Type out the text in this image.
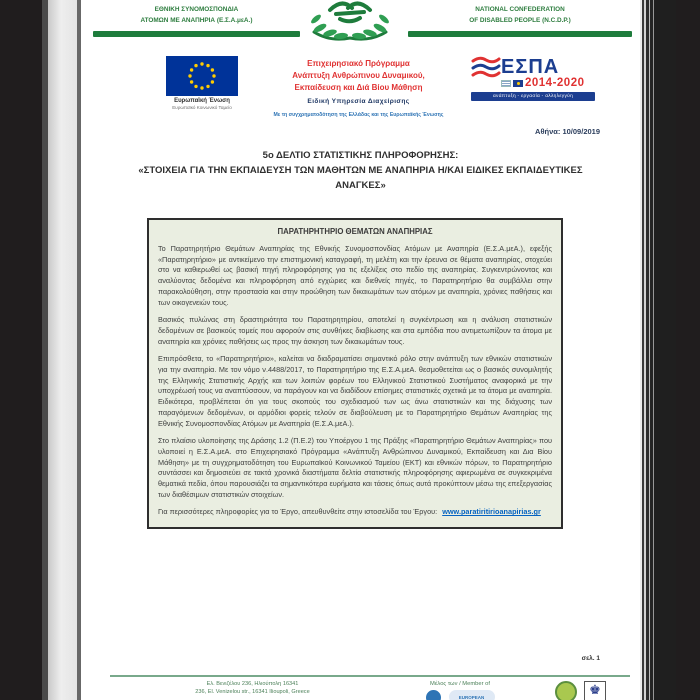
ΕΘΝΙΚΗ ΣΥΝΟΜΟΣΠΟΝΔΙΑ
ΑΤΟΜΩΝ ΜΕ ΑΝΑΠΗΡΙΑ (Ε.Σ.Α.μεΑ.)
NATIONAL CONFEDERATION
OF DISABLED PEOPLE (N.C.D.P.)
Ευρωπαϊκή Ένωση
Ευρωπαϊκό Κοινωνικό Ταμείο
Επιχειρησιακό Πρόγραμμα
Ανάπτυξη Ανθρώπινου Δυναμικού,
Εκπαίδευση και Διά Βίου Μάθηση
Ειδική Υπηρεσία Διαχείρισης
Με τη συγχρηματοδότηση της Ελλάδας και της Ευρωπαϊκής Ένωσης
ΕΣΠΑ
2014-2020
ανάπτυξη - εργασία - αλληλεγγύη
Αθήνα: 10/09/2019
5ο ΔΕΛΤΙΟ ΣΤΑΤΙΣΤΙΚΗΣ ΠΛΗΡΟΦΟΡΗΣΗΣ:
«ΣΤΟΙΧΕΙΑ ΓΙΑ ΤΗΝ ΕΚΠΑΙΔΕΥΣΗ ΤΩΝ ΜΑΘΗΤΩΝ ΜΕ ΑΝΑΠΗΡΙΑ Η/ΚΑΙ ΕΙΔΙΚΕΣ ΕΚΠΑΙΔΕΥΤΙΚΕΣ ΑΝΑΓΚΕΣ»
ΠΑΡΑΤΗΡΗΤΗΡΙΟ ΘΕΜΑΤΩΝ ΑΝΑΠΗΡΙΑΣ

Το Παρατηρητήριο Θεμάτων Αναπηρίας της Εθνικής Συνομοσπονδίας Ατόμων με Αναπηρία (Ε.Σ.Α.μεΑ.), εφεξής «Παρατηρητήριο» με αντικείμενο την επιστημονική καταγραφή, τη μελέτη και την έρευνα σε θέματα αναπηρίας, στοχεύει στο να καθιερωθεί ως βασική πηγή πληροφόρησης για τις εξελίξεις στο πεδίο της αναπηρίας. Συγκεντρώνοντας και αναλύοντας δεδομένα και πληροφόρηση από εγχώριες και διεθνείς πηγές, το Παρατηρητήριο θα συμβάλλει στην παρακολούθηση, στην προστασία και στην προώθηση των δικαιωμάτων των ατόμων με αναπηρία, χρόνιες παθήσεις και των οικογενειών τους.

Βασικός πυλώνας στη δραστηριότητα του Παρατηρητηρίου, αποτελεί η συγκέντρωση και η ανάλυση στατιστικών δεδομένων σε βασικούς τομείς που αφορούν στις συνθήκες διαβίωσης και στα εμπόδια που αντιμετωπίζουν τα άτομα με αναπηρία και χρόνιες παθήσεις ως προς την άσκηση των δικαιωμάτων τους.

Επιπρόσθετα, το «Παρατηρητήριο», καλείται να διαδραματίσει σημαντικό ρόλο στην ανάπτυξη των εθνικών στατιστικών για την αναπηρία. Με τον νόμο ν.4488/2017, το Παρατηρητήριο της Ε.Σ.Α.μεΑ. θεσμοθετείται ως ο βασικός συνομιλητής της Ελληνικής Στατιστικής Αρχής και των λοιπών φορέων του Ελληνικού Στατιστικού Συστήματος αναφορικά με την υποχρέωσή τους να αναπτύσσουν, να παράγουν και να διαδίδουν επίσημες στατιστικές σχετικά με τα άτομα με αναπηρία. Ειδικότερα, προβλέπεται ότι για τους σκοπούς του σχεδιασμού των ως άνω στατιστικών και της διάχυσης των παραγόμενων δεδομένων, οι αρμόδιοι φορείς τελούν σε διαβούλευση με το Παρατηρητήριο Θεμάτων Αναπηρίας της Εθνικής Συνομοσπονδίας Ατόμων με Αναπηρία (Ε.Σ.Α.μεΑ.).

Στο πλαίσιο υλοποίησης της Δράσης 1.2 (Π.Ε.2) του Υποέργου 1 της Πράξης «Παρατηρητήριο Θεμάτων Αναπηρίας» που υλοποιεί η Ε.Σ.Α.μεΑ. στο Επιχειρησιακό Πρόγραμμα «Ανάπτυξη Ανθρώπινου Δυναμικού, Εκπαίδευση και Δια Βίου Μάθηση» με τη συγχρηματοδότηση του Ευρωπαϊκού Κοινωνικού Ταμείου (ΕΚΤ) και εθνικών πόρων, το Παρατηρητήριο συντάσσει και δημοσιεύει σε τακτά χρονικά διαστήματα δελτία στατιστικής πληροφόρησης αφιερωμένα σε συγκεκριμένα θεματικά πεδία, όπου παρουσιάζει τα σημαντικότερα ευρήματα και τάσεις όπως αυτά προκύπτουν μέσω της επεξεργασίας των διαθέσιμων στατιστικών στοιχείων.

Για περισσότερες πληροφορίες για το Έργο, απευθυνθείτε στην ιστοσελίδα του Έργου: www.paratiritirioanapirias.gr

σελ. 1
Ελ. Βενιζέλου 236, Ηλιούπολη 16341
236, El. Venizelou str., 16341 Ilioupoli, Greece
Μέλος των / Member of
EUROPEAN	♚
